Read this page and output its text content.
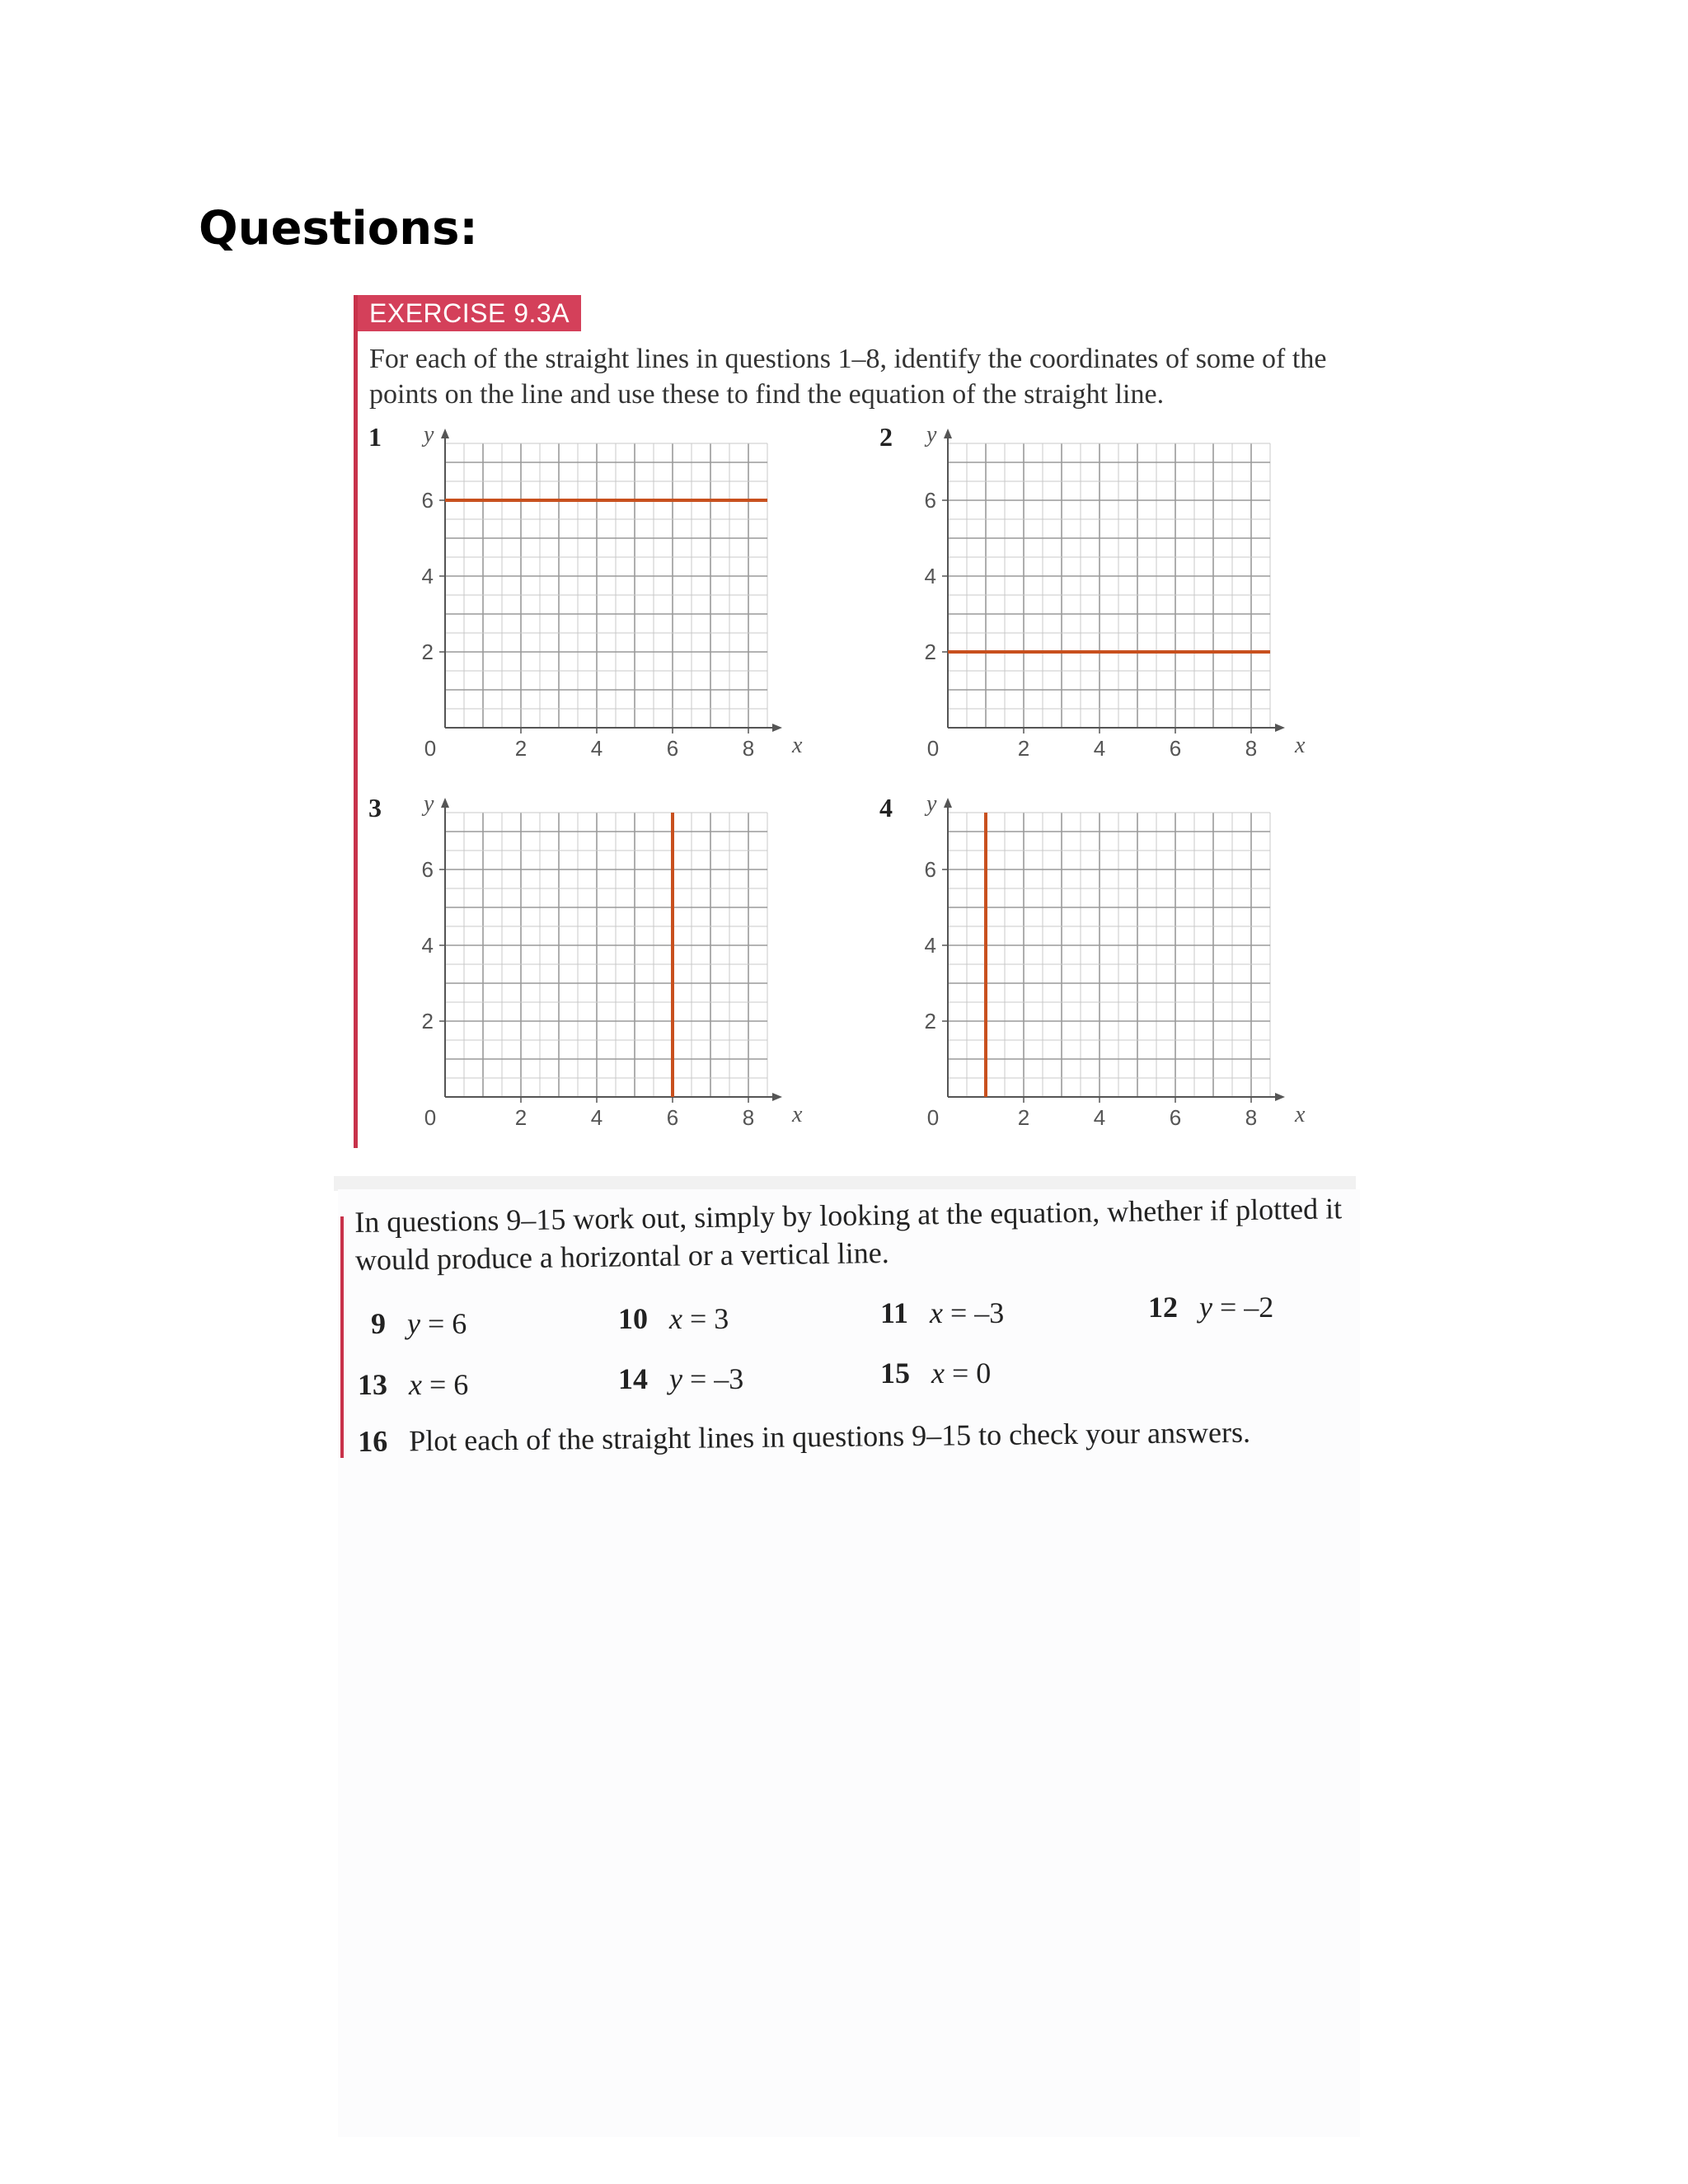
Questions:
EXERCISE 9.3A

For each of the straight lines in questions 1–8, identify the coordinates of some of the points on the line and use these to find the equation of the straight line.

1
0	2	4	6	8
2
4
6
x
y	2
0	2	4	6	8
2
4
6
x
y
3
0	2	4	6	8
2
4
6
x
y	4
0	2	4	6	8
2
4
6
x
y

In questions 9–15 work out, simply by looking at the equation, whether if plotted it would produce a horizontal or a vertical line.

9 y = 6	10 x = 3	11 x = –3	12 y = –2
13 x = 6	14 y = –3	15 x = 0
16 Plot each of the straight lines in questions 9–15 to check your answers.
